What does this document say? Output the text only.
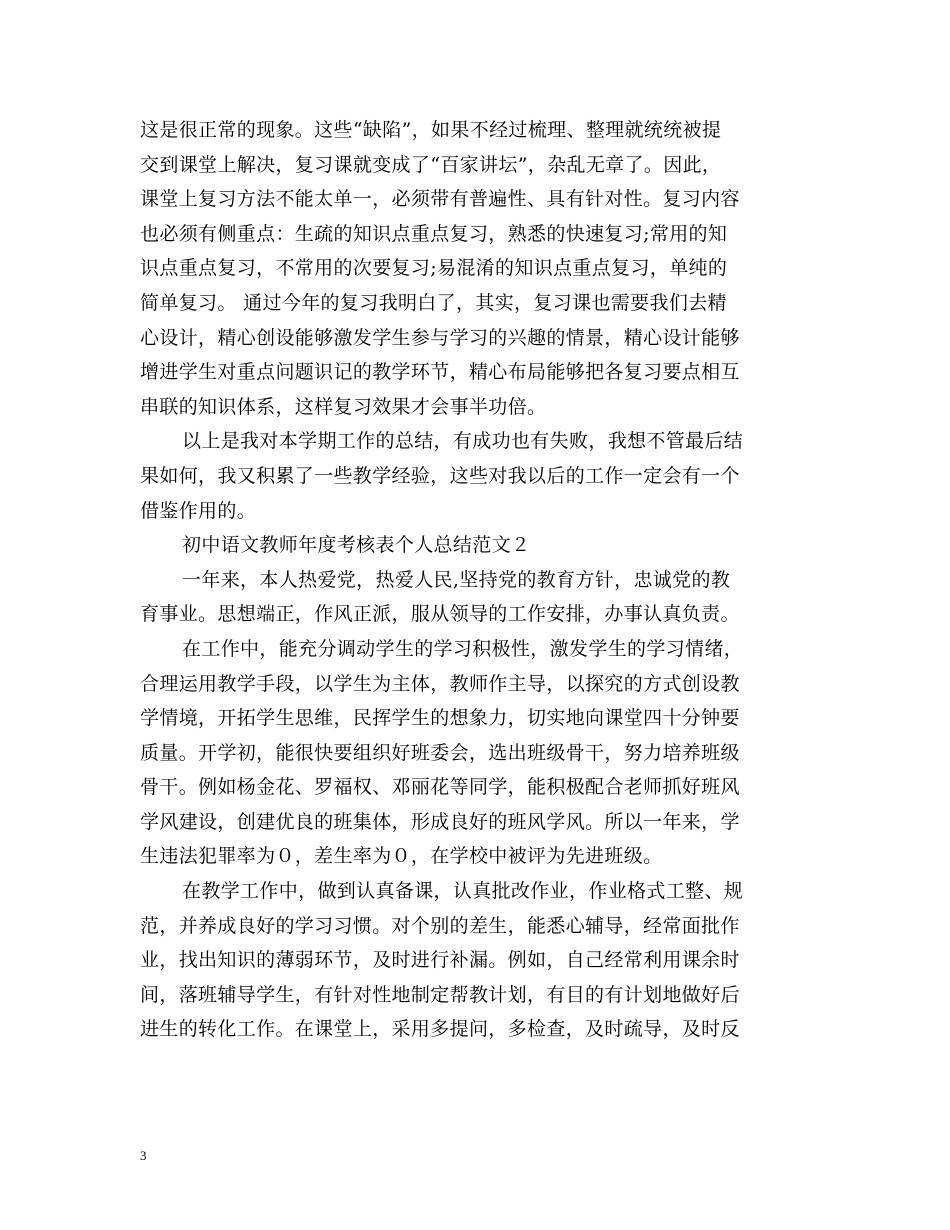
这是很正常的现象。这些“缺陷”，如果不经过梳理、整理就统统被提
交到课堂上解决，复习课就变成了“百家讲坛”，杂乱无章了。因此，
课堂上复习方法不能太单一，必须带有普遍性、具有针对性。复习内容
也必须有侧重点：生疏的知识点重点复习，熟悉的快速复习;常用的知
识点重点复习，不常用的次要复习;易混淆的知识点重点复习，单纯的
简单复习。 通过今年的复习我明白了，其实，复习课也需要我们去精
心设计，精心创设能够激发学生参与学习的兴趣的情景，精心设计能够
增进学生对重点问题识记的教学环节，精心布局能够把各复习要点相互
串联的知识体系，这样复习效果才会事半功倍。
以上是我对本学期工作的总结，有成功也有失败，我想不管最后结
果如何，我又积累了一些教学经验，这些对我以后的工作一定会有一个
借鉴作用的。
初中语文教师年度考核表个人总结范文２
一年来，本人热爱党，热爱人民,坚持党的教育方针，忠诚党的教
育事业。思想端正，作风正派，服从领导的工作安排，办事认真负责。
在工作中，能充分调动学生的学习积极性，激发学生的学习情绪，
合理运用教学手段，以学生为主体，教师作主导，以探究的方式创设教
学情境，开拓学生思维，民挥学生的想象力，切实地向课堂四十分钟要
质量。开学初，能很快要组织好班委会，选出班级骨干，努力培养班级
骨干。例如杨金花、罗福权、邓丽花等同学，能积极配合老师抓好班风
学风建设，创建优良的班集体，形成良好的班风学风。所以一年来，学
生违法犯罪率为０，差生率为０，在学校中被评为先进班级。
在教学工作中，做到认真备课，认真批改作业，作业格式工整、规
范，并养成良好的学习习惯。对个别的差生，能悉心辅导，经常面批作
业，找出知识的薄弱环节，及时进行补漏。例如，自己经常利用课余时
间，落班辅导学生，有针对性地制定帮教计划，有目的有计划地做好后
进生的转化工作。在课堂上，采用多提问，多检查，及时疏导，及时反
3
